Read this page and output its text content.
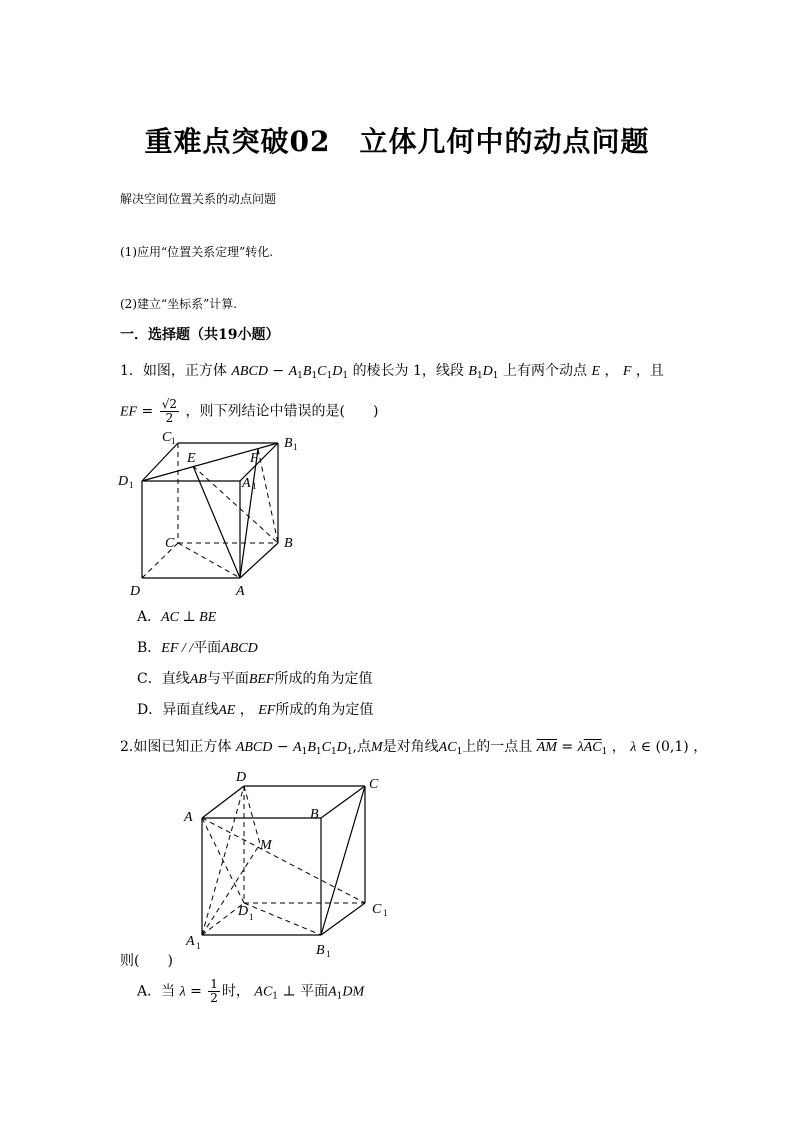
重难点突破02　立体几何中的动点问题
解决空间位置关系的动点问题
(1)应用“位置关系定理”转化.
(2)建立“坐标系”计算.
一．选择题（共19小题）
1．如图，正方体 ABCD − $A_1B_1C_1D_1$ 的棱长为 1，线段 $B_1D_1$ 上有两个动点 E ， F ，且
EF = $\frac{√2}{2}$ ，则下列结论中错误的是(　　)
C 1	B 1
D 1	A 1
E	F
C	B
D	A
A．AC ⊥ BE
B．EF / /平面ABCD
C．直线AB与平面BEF所成的角为定值
D．异面直线AE ， EF所成的角为定值
2.如图已知正方体 ABCD − $A_1B_1C_1D_1$,点M是对角线$AC_1$上的一点且 $\overline{AM} = \lambda\overline{AC}_1$ ， λ ∈ (0,1) ，
D	C
A	B
M
D 1	C 1
A 1	B 1
则(　　)
A．当 $\lambda = \frac{1}{2}$ 时， $AC_1$ ⊥ 平面$A_1DM$
